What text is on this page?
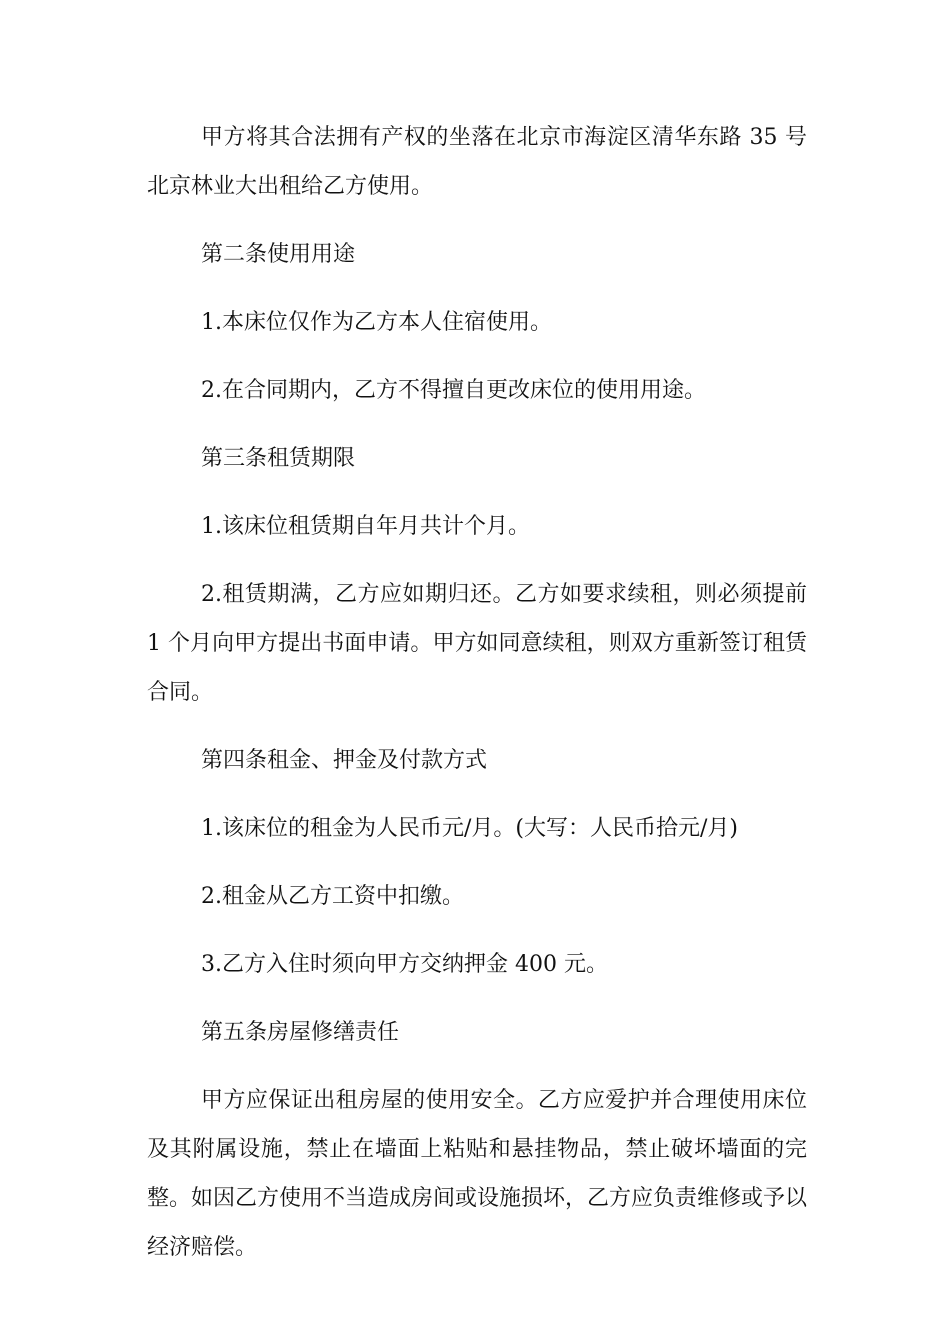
甲方将其合法拥有产权的坐落在北京市海淀区清华东路 35 号北京林业大出租给乙方使用。

第二条使用用途

1.本床位仅作为乙方本人住宿使用。

2.在合同期内，乙方不得擅自更改床位的使用用途。

第三条租赁期限

1.该床位租赁期自年月共计个月。

2.租赁期满，乙方应如期归还。乙方如要求续租，则必须提前 1 个月向甲方提出书面申请。甲方如同意续租，则双方重新签订租赁合同。

第四条租金、押金及付款方式

1.该床位的租金为人民币元/月。(大写：人民币拾元/月)

2.租金从乙方工资中扣缴。

3.乙方入住时须向甲方交纳押金 400 元。

第五条房屋修缮责任

甲方应保证出租房屋的使用安全。乙方应爱护并合理使用床位及其附属设施，禁止在墙面上粘贴和悬挂物品，禁止破坏墙面的完整。如因乙方使用不当造成房间或设施损坏，乙方应负责维修或予以经济赔偿。
